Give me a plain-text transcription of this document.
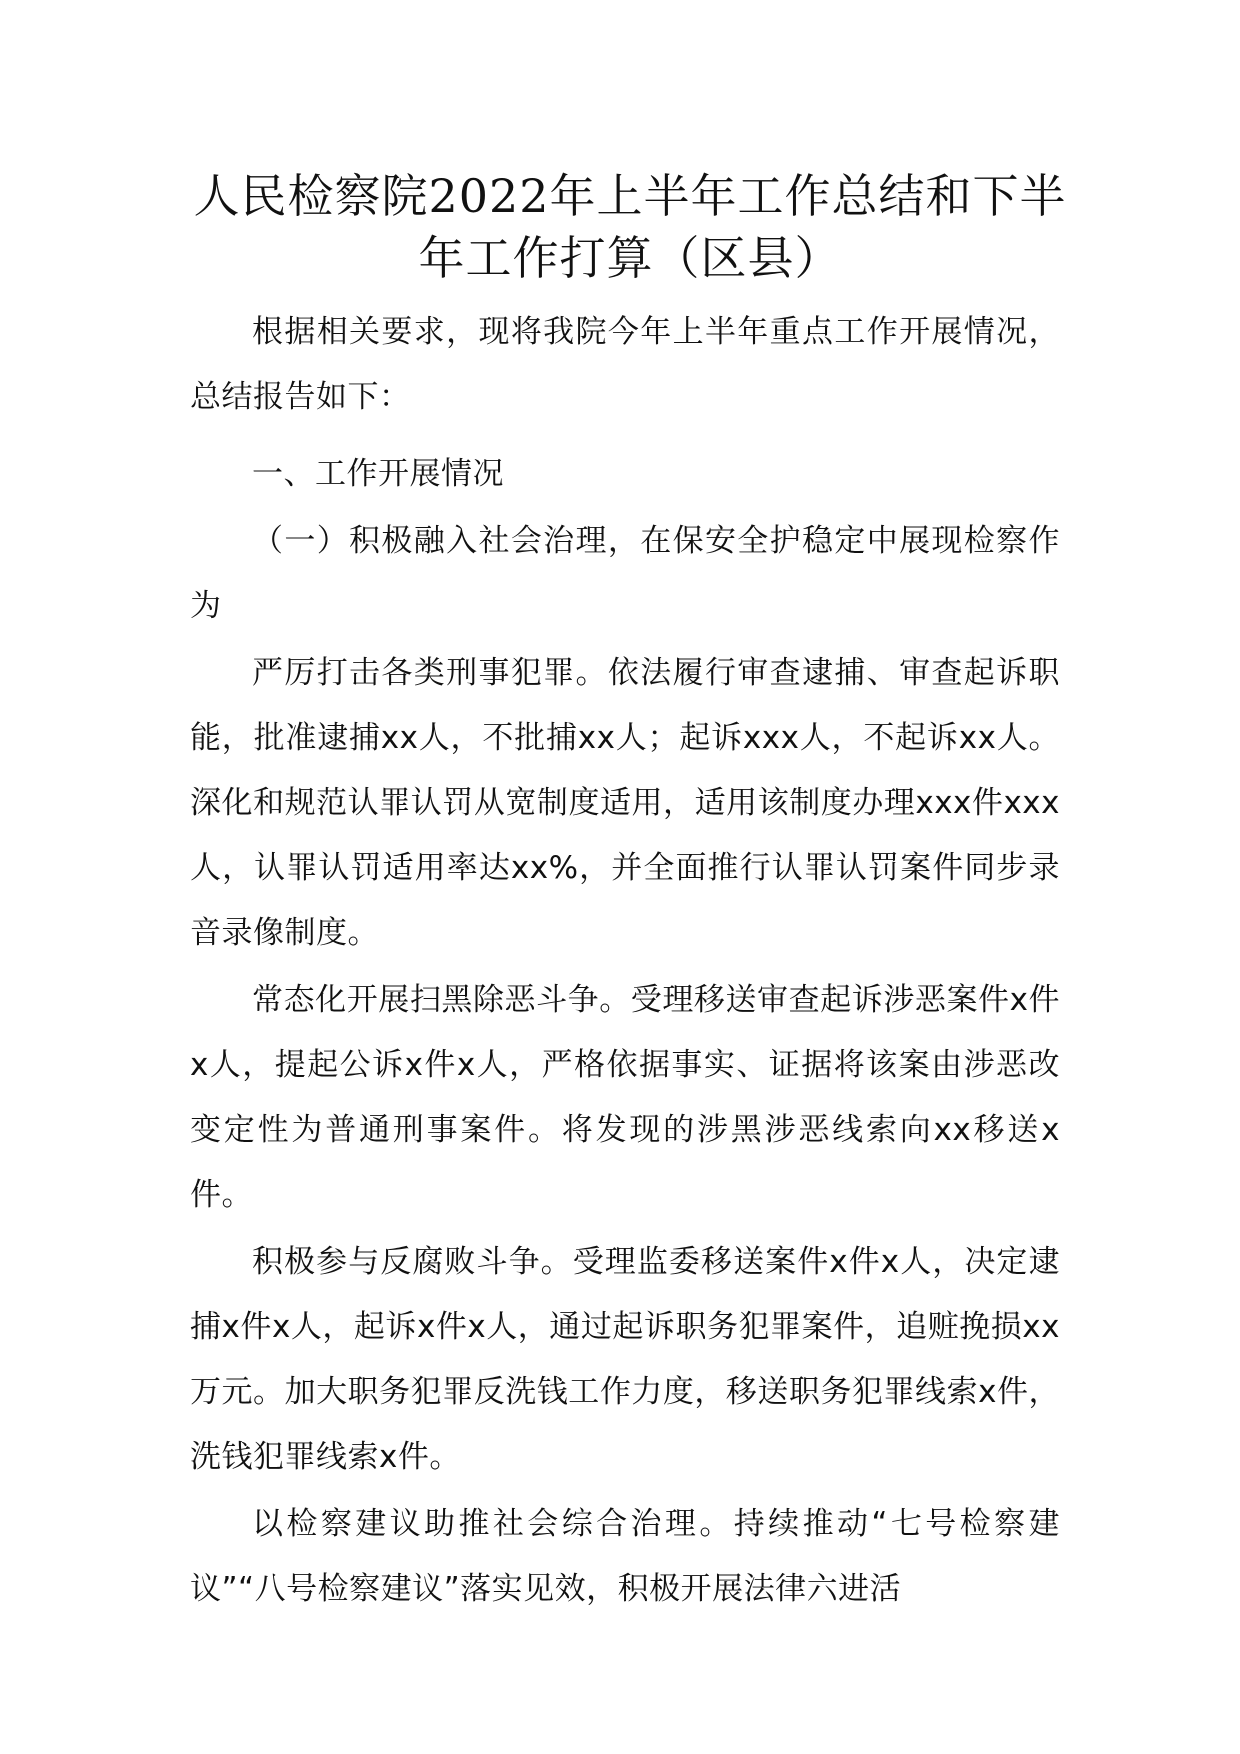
人民检察院2022年上半年工作总结和下半年工作打算（区县）

根据相关要求，现将我院今年上半年重点工作开展情况，总结报告如下：

一、工作开展情况

（一）积极融入社会治理，在保安全护稳定中展现检察作为

严厉打击各类刑事犯罪。依法履行审查逮捕、审查起诉职能，批准逮捕xx人，不批捕xx人；起诉xxx人，不起诉xx人。深化和规范认罪认罚从宽制度适用，适用该制度办理xxx件xxx人，认罪认罚适用率达xx%，并全面推行认罪认罚案件同步录音录像制度。

常态化开展扫黑除恶斗争。受理移送审查起诉涉恶案件x件x人，提起公诉x件x人，严格依据事实、证据将该案由涉恶改变定性为普通刑事案件。将发现的涉黑涉恶线索向xx移送x件。

积极参与反腐败斗争。受理监委移送案件x件x人，决定逮捕x件x人，起诉x件x人，通过起诉职务犯罪案件，追赃挽损xx万元。加大职务犯罪反洗钱工作力度，移送职务犯罪线索x件，洗钱犯罪线索x件。

以检察建议助推社会综合治理。持续推动“七号检察建议”“八号检察建议”落实见效，积极开展法律六进活
